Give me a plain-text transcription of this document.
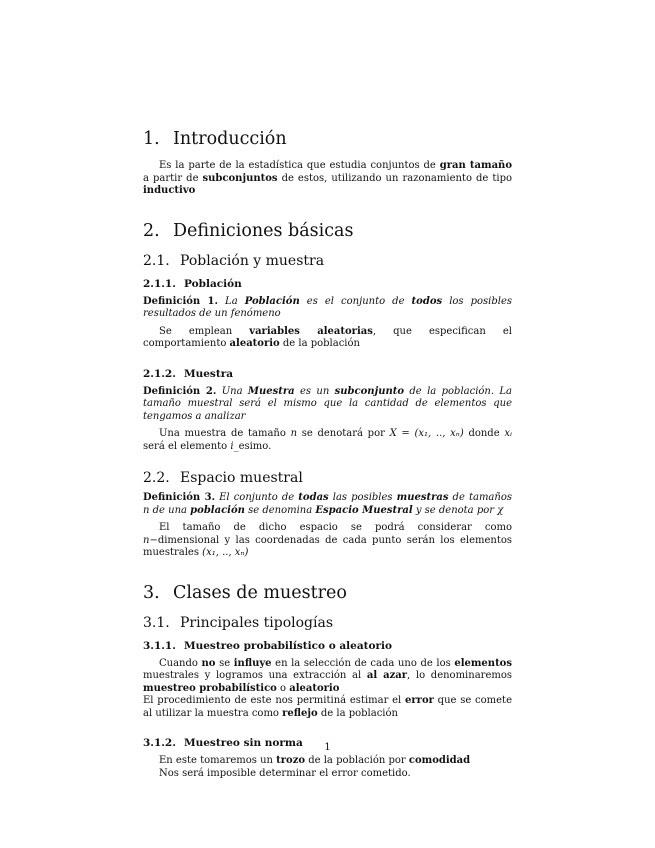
1. Introducción

Es la parte de la estadística que estudia conjuntos de gran tamaño a partir de subconjuntos de estos, utilizando un razonamiento de tipo inductivo

2. Definiciones básicas
2.1. Población y muestra
2.1.1. Población

Definición 1. La Población es el conjunto de todos los posibles resultados de un fenómeno

Se emplean variables aleatorias, que especifican el comportamiento aleatorio de la población

2.1.2. Muestra

Definición 2. Una Muestra es un subconjunto de la población. La tamaño muestral será el mismo que la cantidad de elementos que tengamos a analizar

Una muestra de tamaño n se denotará por X = (x₁, .., xₙ) donde xᵢ será el elemento i_esimo.

2.2. Espacio muestral

Definición 3. El conjunto de todas las posibles muestras de tamaños n de una población se denomina Espacio Muestral y se denota por χ

El tamaño de dicho espacio se podrá considerar como n−dimensional y las coordenadas de cada punto serán los elementos muestrales (x₁, .., xₙ)

3. Clases de muestreo
3.1. Principales tipologías
3.1.1. Muestreo probabilístico o aleatorio

Cuando no se influye en la selección de cada uno de los elementos muestrales y logramos una extracción al al azar, lo denominaremos muestreo probabilístico o aleatorio

El procedimiento de este nos permitiná estimar el error que se comete al utilizar la muestra como reflejo de la población

3.1.2. Muestreo sin norma

En este tomaremos un trozo de la población por comodidad

Nos será imposible determinar el error cometido.

1
